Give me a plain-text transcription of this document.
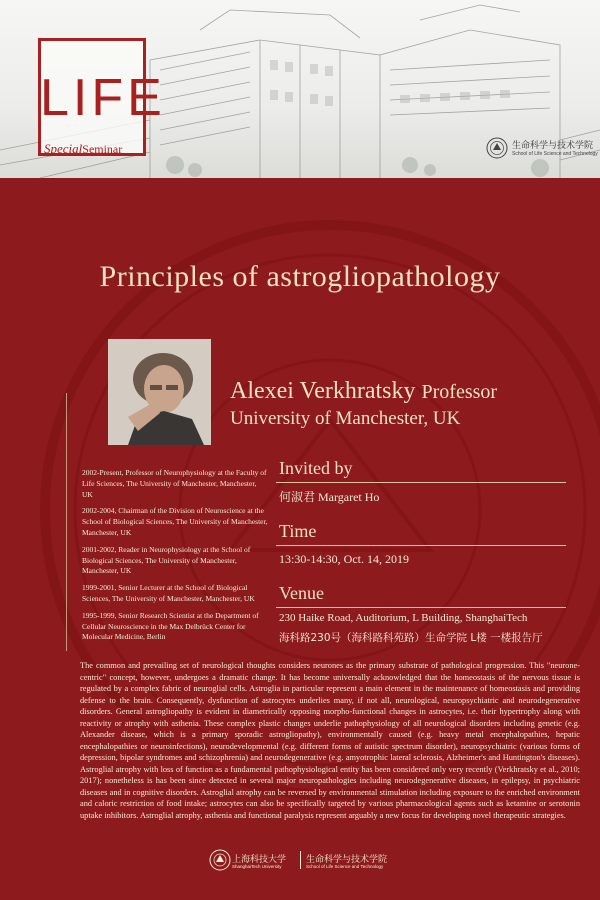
LIFE
SpecialSeminar	生命科学与技术学院
School of Life Science and Technology
Principles of astrogliopathology
Alexei Verkhratsky Professor
University of Manchester, UK
2002-Present, Professor of Neurophysiology at the Faculty of Life Sciences, The University of Manchester, Manchester, UK
2002-2004, Chairman of the Division of Neuroscience at the School of Biological Sciences, The University of Manchester, Manchester, UK
2001-2002, Reader in Neurophysiology at the School of Biological Sciences, The University of Manchester, Manchester, UK
1999-2001, Senior Lecturer at the School of Biological Sciences, The University of Manchester, Manchester, UK
1995-1999, Senior Research Scientist at the Department of Cellular Neuroscience in the Max Delbrück Center for Molecular Medicine, Berlin
Invited by
何淑君 Margaret Ho
Time
13:30-14:30, Oct. 14, 2019
Venue
230 Haike Road, Auditorium, L Building, ShanghaiTech
海科路230号（海科路科苑路）生命学院 L楼 一楼报告厅
The common and prevailing set of neurological thoughts considers neurones as the primary substrate of pathological progression. This "neurone-centric" concept, however, undergoes a dramatic change. It has become universally acknowledged that the homeostasis of the nervous tissue is regulated by a complex fabric of neuroglial cells. Astroglia in particular represent a main element in the maintenance of homeostasis and providing defense to the brain. Consequently, dysfunction of astrocytes underlies many, if not all, neurological, neuropsychiatric and neurodegenerative disorders. General astrogliopathy is evident in diametrically opposing morpho-functional changes in astrocytes, i.e. their hypertrophy along with reactivity or atrophy with asthenia. These complex plastic changes underlie pathophysiology of all neurological disorders including genetic (e.g. Alexander disease, which is a primary sporadic astrogliopathy), environmentally caused (e.g. heavy metal encephalopathies, hepatic encephalopathies or neuroinfections), neurodevelopmental (e.g. different forms of autistic spectrum disorder), neuropsychiatric (various forms of depression, bipolar syndromes and schizophrenia) and neurodegenerative (e.g. amyotrophic lateral sclerosis, Alzheimer's and Huntington's diseases). Astroglial atrophy with loss of function as a fundamental pathophysiological entity has been considered only very recently (Verkhratsky et al., 2010; 2017); nonetheless is has been since detected in several major neuropathologies including neurodegenerative diseases, in epilepsy, in psychiatric diseases and in cognitive disorders. Astroglial atrophy can be reversed by environmental stimulation including exposure to the enriched environment and caloric restriction of food intake; astrocytes can also be specifically targeted by various pharmacological agents such as ketamine or serotonin uptake inhibitors. Astroglial atrophy, asthenia and functional paralysis represent arguably a new focus for developing novel therapeutic strategies.
上海科技大学
ShanghaiTech University
生命科学与技术学院
School of Life Science and Technology
